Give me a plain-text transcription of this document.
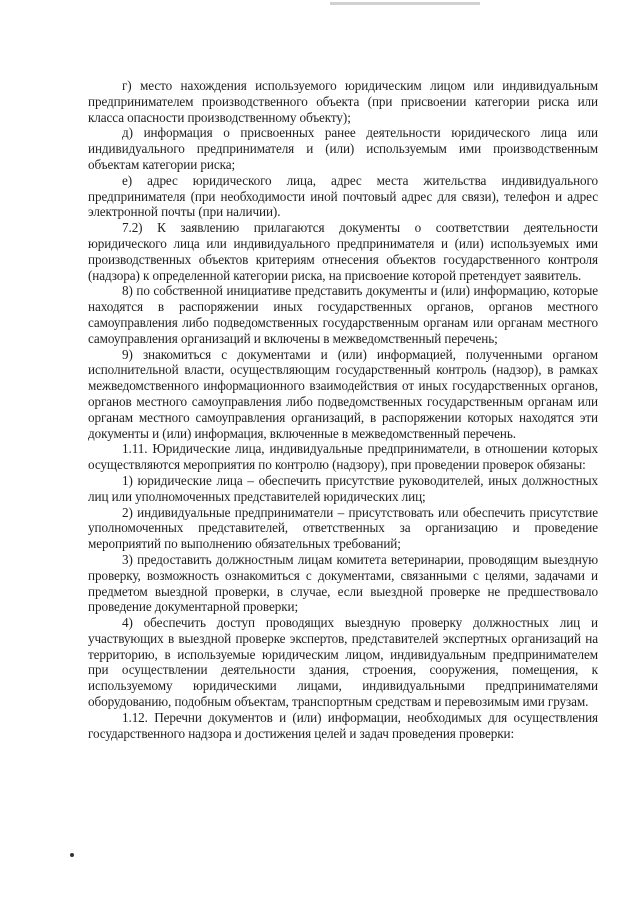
г) место нахождения используемого юридическим лицом или индивидуальным предпринимателем производственного объекта (при присвоении категории риска или класса опасности производственному объекту);

д) информация о присвоенных ранее деятельности юридического лица или индивидуального предпринимателя и (или) используемым ими производственным объектам категории риска;

е) адрес юридического лица, адрес места жительства индивидуального предпринимателя (при необходимости иной почтовый адрес для связи), телефон и адрес электронной почты (при наличии).

7.2) К заявлению прилагаются документы о соответствии деятельности юридического лица или индивидуального предпринимателя и (или) используемых ими производственных объектов критериям отнесения объектов государственного контроля (надзора) к определенной категории риска, на присвоение которой претендует заявитель.

8) по собственной инициативе представить документы и (или) информацию, которые находятся в распоряжении иных государственных органов, органов местного самоуправления либо подведомственных государственным органам или органам местного самоуправления организаций и включены в межведомственный перечень;

9) знакомиться с документами и (или) информацией, полученными органом исполнительной власти, осуществляющим государственный контроль (надзор), в рамках межведомственного информационного взаимодействия от иных государственных органов, органов местного самоуправления либо подведомственных государственным органам или органам местного самоуправления организаций, в распоряжении которых находятся эти документы и (или) информация, включенные в межведомственный перечень.

1.11. Юридические лица, индивидуальные предприниматели, в отношении которых осуществляются мероприятия по контролю (надзору), при проведении проверок обязаны:

1) юридические лица – обеспечить присутствие руководителей, иных должностных лиц или уполномоченных представителей юридических лиц;

2) индивидуальные предприниматели – присутствовать или обеспечить присутствие уполномоченных представителей, ответственных за организацию и проведение мероприятий по выполнению обязательных требований;

3) предоставить должностным лицам комитета ветеринарии, проводящим выездную проверку, возможность ознакомиться с документами, связанными с целями, задачами и предметом выездной проверки, в случае, если выездной проверке не предшествовало проведение документарной проверки;

4) обеспечить доступ проводящих выездную проверку должностных лиц и участвующих в выездной проверке экспертов, представителей экспертных организаций на территорию, в используемые юридическим лицом, индивидуальным предпринимателем при осуществлении деятельности здания, строения, сооружения, помещения, к используемому юридическими лицами, индивидуальными предпринимателями оборудованию, подобным объектам, транспортным средствам и перевозимым ими грузам.

1.12. Перечни документов и (или) информации, необходимых для осуществления государственного надзора и достижения целей и задач проведения проверки:
